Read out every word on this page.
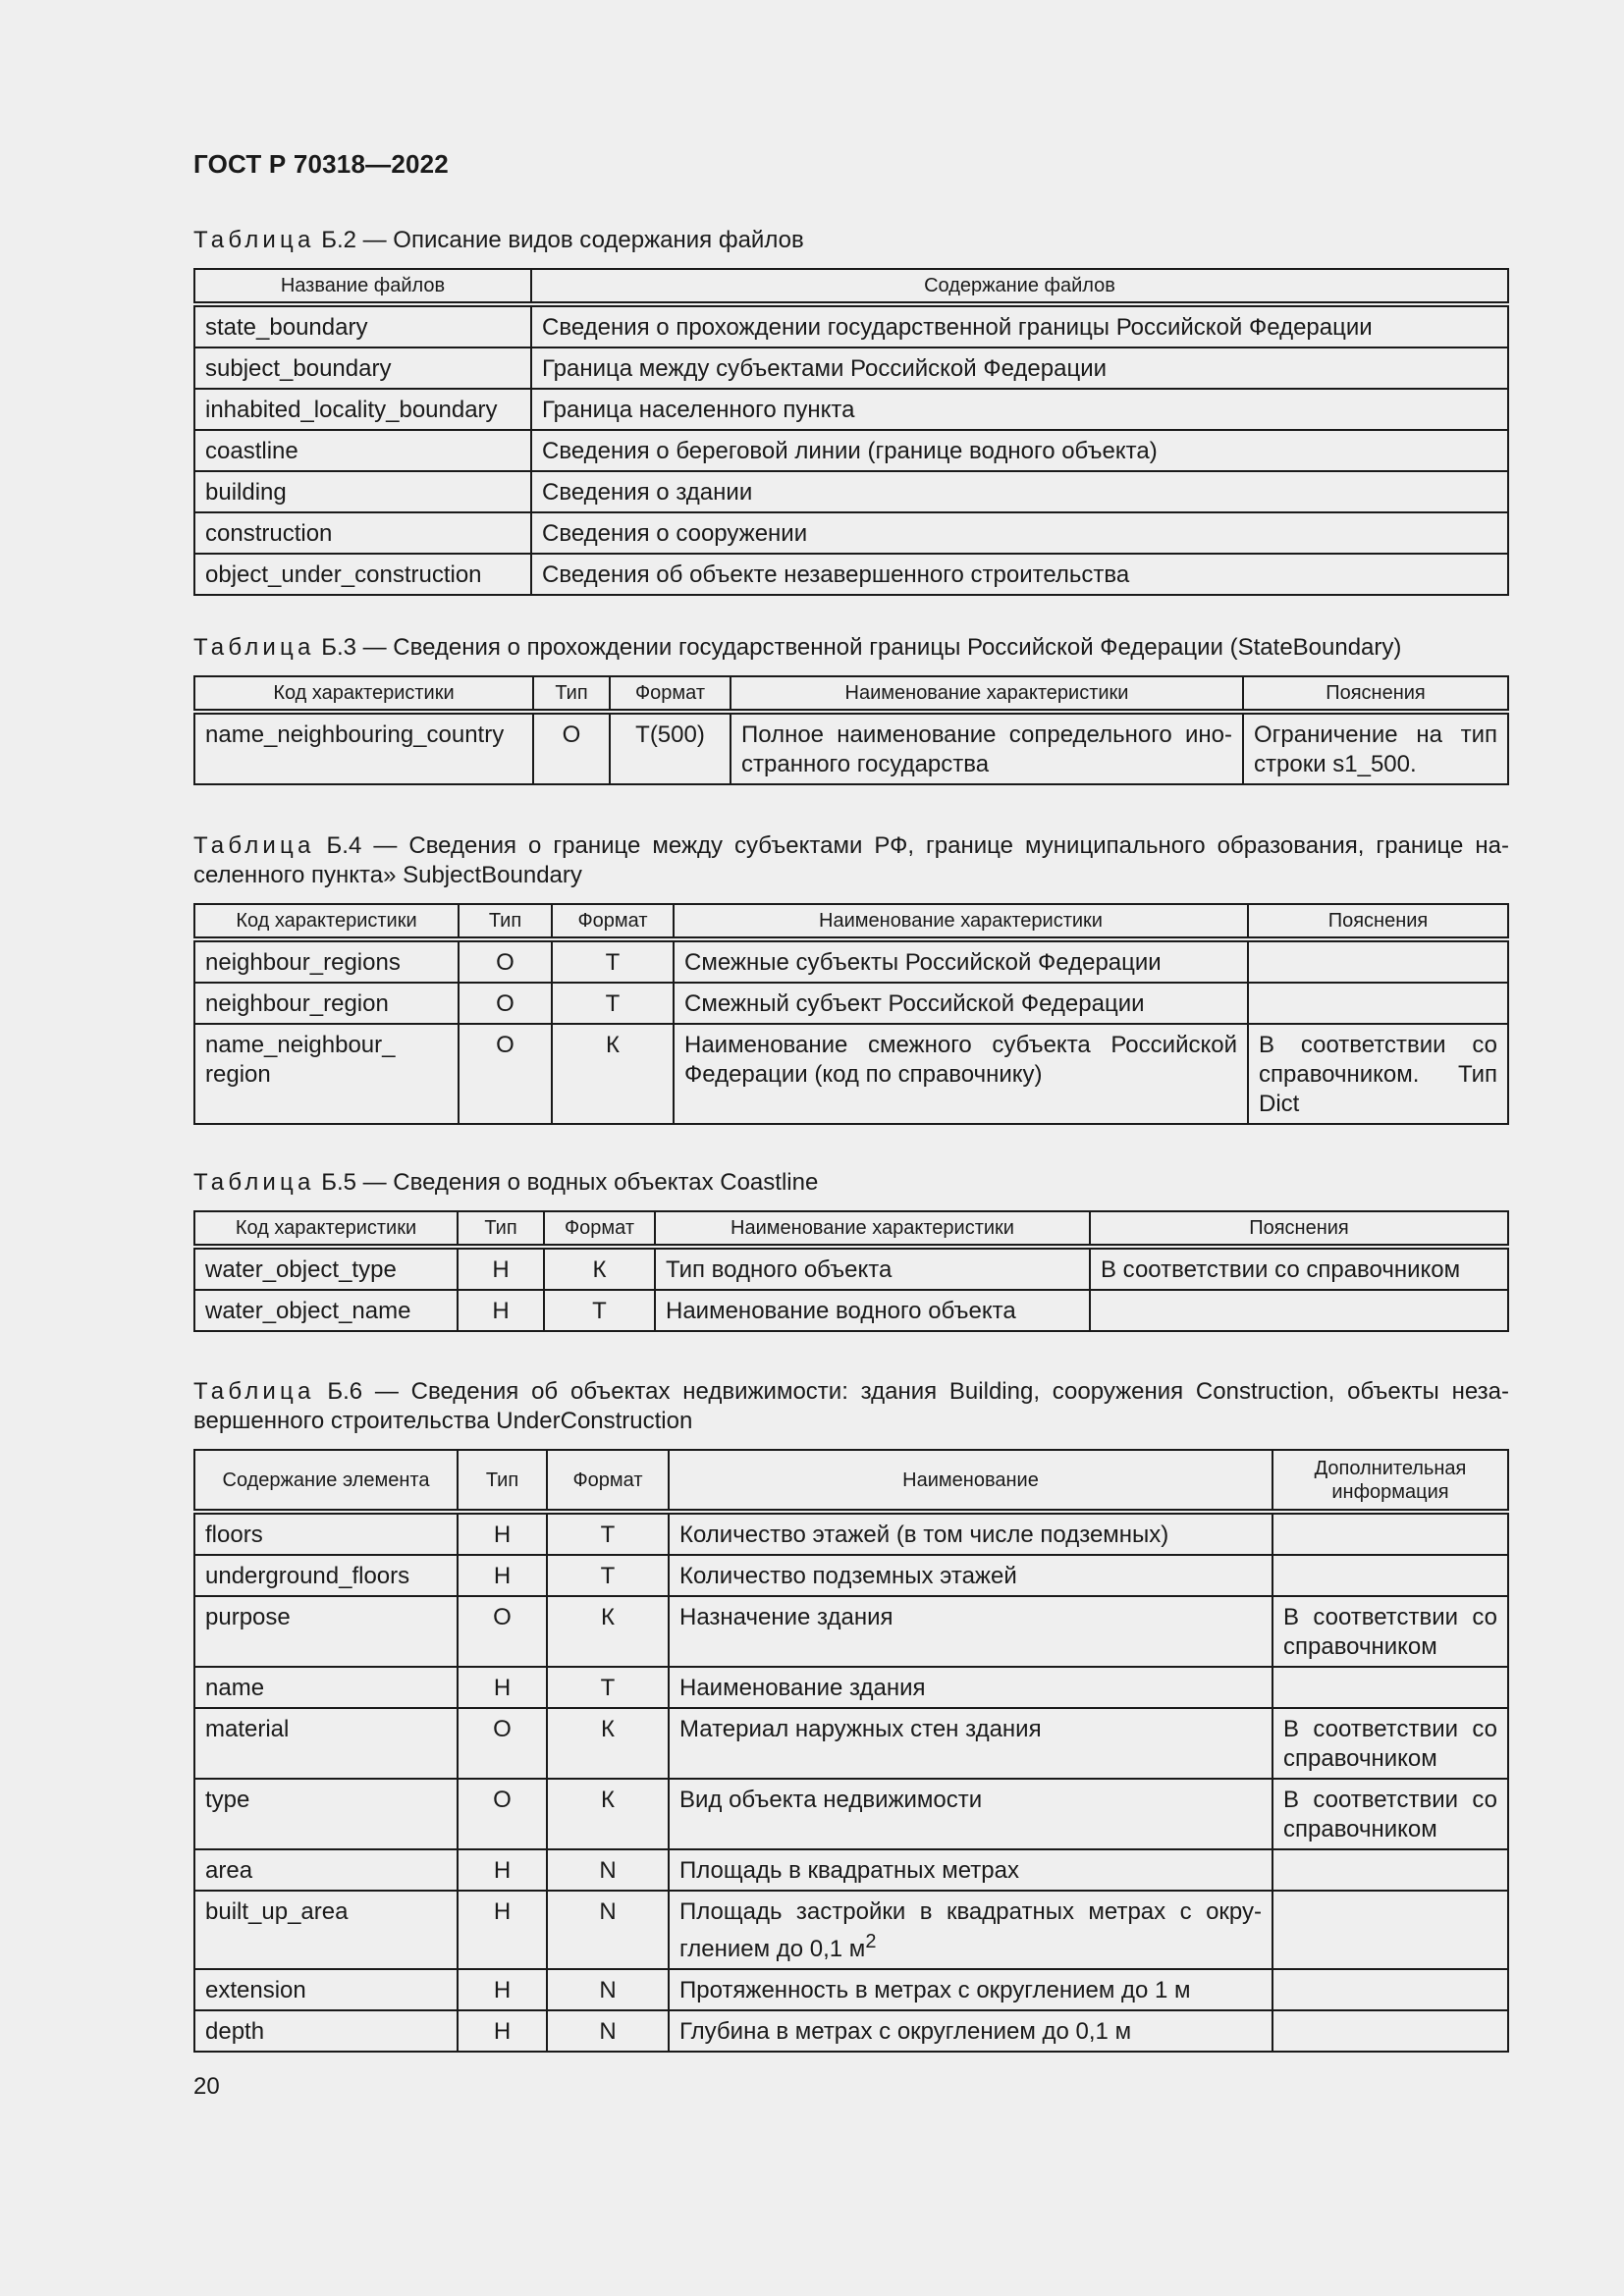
ГОСТ Р 70318—2022
Таблица Б.2 — Описание видов содержания файлов
Название файлов	Содержание файлов
state_boundary	Сведения о прохождении государственной границы Российской Федерации
subject_boundary	Граница между субъектами Российской Федерации
inhabited_locality_boundary	Граница населенного пункта
coastline	Сведения о береговой линии (границе водного объекта)
building	Сведения о здании
construction	Сведения о сооружении
object_under_construction	Сведения об объекте незавершенного строительства
Таблица Б.3 — Сведения о прохождении государственной границы Российской Федерации (StateBoundary)
Код характеристики	Тип	Формат	Наименование характеристики	Пояснения
name_neighbouring_country	О	Т(500)	Полное наименование сопредельного иностранного государства	Ограничение на тип строки s1_500.
Таблица Б.4 — Сведения о границе между субъектами РФ, границе муниципального образования, границе населенного пункта» SubjectBoundary
Код характеристики	Тип	Формат	Наименование характеристики	Пояснения
neighbour_regions	О	Т	Смежные субъекты Российской Федерации	
neighbour_region	О	Т	Смежный субъект Российской Федерации	
name_neighbour_ region	О	К	Наименование смежного субъекта Российской Федерации (код по справочнику)	В соответствии со справочником. Тип Dict
Таблица Б.5 — Сведения о водных объектах Coastline
Код характеристики	Тип	Формат	Наименование характеристики	Пояснения
water_object_type	Н	К	Тип водного объекта	В соответствии со справочником
water_object_name	Н	Т	Наименование водного объекта	
Таблица Б.6 — Сведения об объектах недвижимости: здания Building, сооружения Construction, объекты незавершенного строительства UnderConstruction
Содержание элемента	Тип	Формат	Наименование	Дополнительная информация
floors	Н	Т	Количество этажей (в том числе подземных)	
underground_floors	Н	Т	Количество подземных этажей	
purpose	О	К	Назначение здания	В соответствии со справочником
name	Н	Т	Наименование здания	
material	О	К	Материал наружных стен здания	В соответствии со справочником
type	О	К	Вид объекта недвижимости	В соответствии со справочником
area	Н	N	Площадь в квадратных метрах	
built_up_area	Н	N	Площадь застройки в квадратных метрах с округлением до 0,1 $м^2$	
extension	Н	N	Протяженность в метрах с округлением до 1 м	
depth	Н	N	Глубина в метрах с округлением до 0,1 м	
20
